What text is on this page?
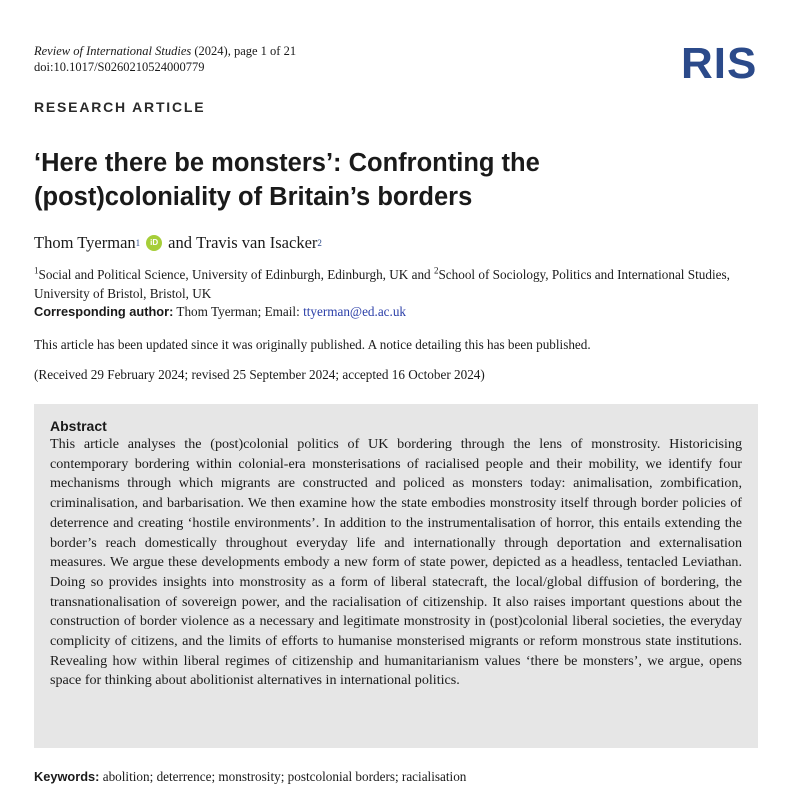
Review of International Studies (2024), page 1 of 21
doi:10.1017/S0260210524000779	RIS
RESEARCH ARTICLE
‘Here there be monsters’: Confronting the (post)coloniality of Britain’s borders
Thom Tyerman 1	iD and
Travis van Isacker 2

$^1$Social and Political Science, University of Edinburgh, Edinburgh, UK and $^2$School of Sociology, Politics and International Studies, University of Bristol, Bristol, UK

Corresponding author: Thom Tyerman; Email: ttyerman@ed.ac.uk

This article has been updated since it was originally published. A notice detailing this has been published.

(Received 29 February 2024; revised 25 September 2024; accepted 16 October 2024)

Abstract

This article analyses the (post)colonial politics of UK bordering through the lens of monstrosity. Historicising contemporary bordering within colonial-era monsterisations of racialised people and their mobility, we identify four mechanisms through which migrants are constructed and policed as monsters today: animalisation, zombification, criminalisation, and barbarisation. We then examine how the state embodies monstrosity itself through border policies of deterrence and creating ‘hostile environments’. In addition to the instrumentalisation of horror, this entails extending the border’s reach domestically throughout everyday life and internationally through deportation and externalisation measures. We argue these developments embody a new form of state power, depicted as a headless, tentacled Leviathan. Doing so provides insights into monstrosity as a form of liberal statecraft, the local/global diffusion of bordering, the transnationalisation of sovereign power, and the racialisation of citizenship. It also raises important questions about the construction of border violence as a necessary and legitimate monstrosity in (post)colonial liberal societies, the everyday complicity of citizens, and the limits of efforts to humanise monsterised migrants or reform monstrous state institutions. Revealing how within liberal regimes of citizenship and humanitarianism values ‘there be monsters’, we argue, opens space for thinking about abolitionist alternatives in international politics.

Keywords: abolition; deterrence; monstrosity; postcolonial borders; racialisation
